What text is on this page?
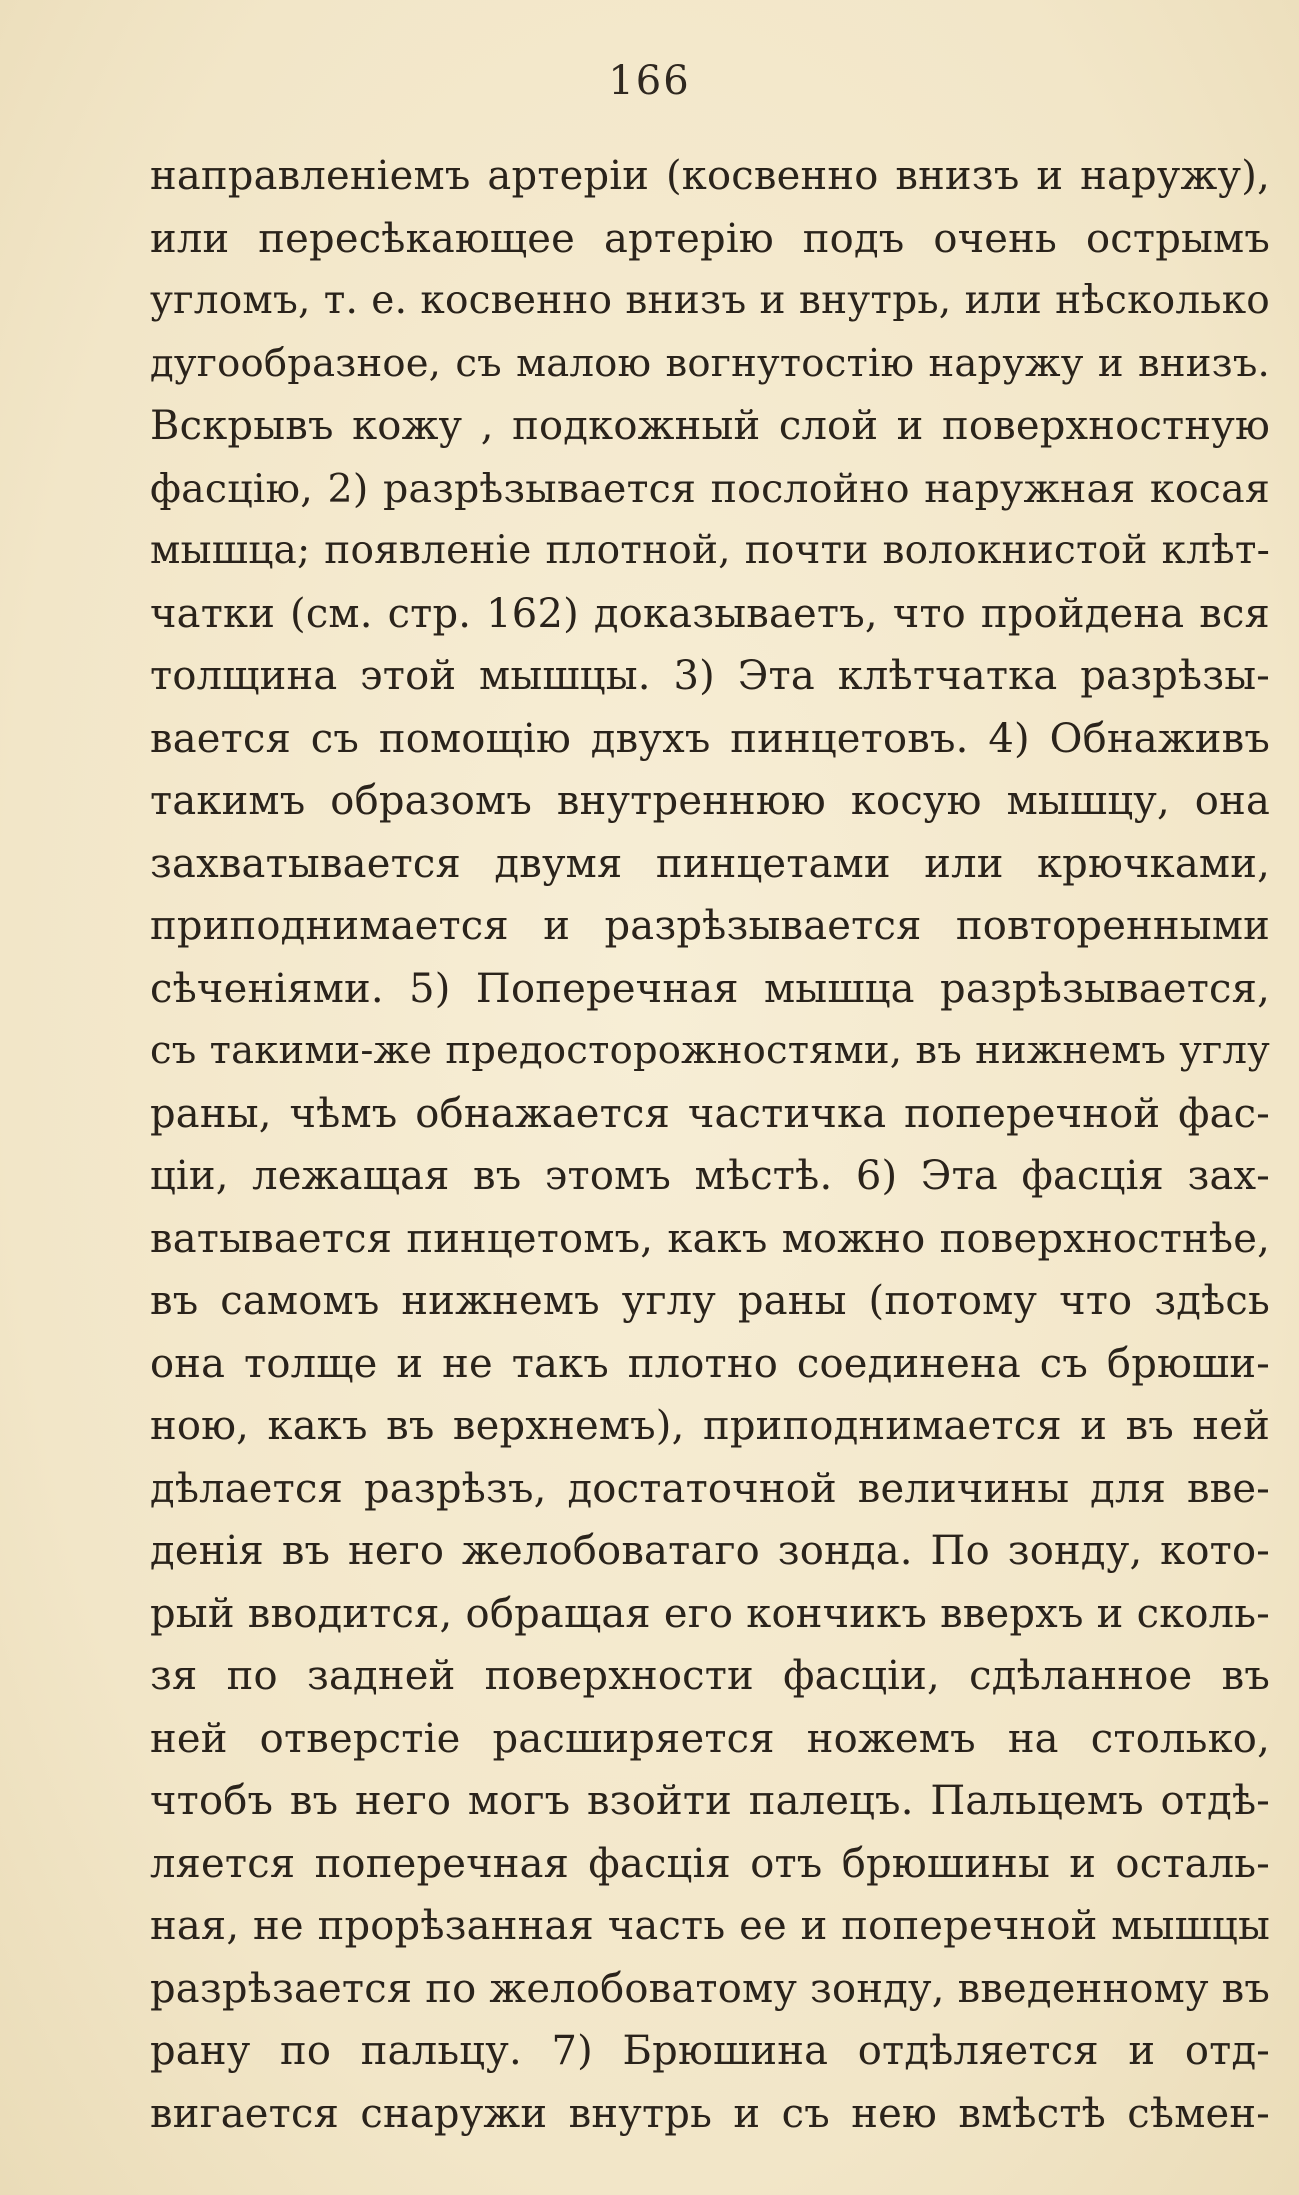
166
направленіемъ артеріи (косвенно внизъ и наружу),
или пересѣкающее артерію подъ очень острымъ
угломъ, т. е. косвенно внизъ и внутрь, или нѣсколько
дугообразное, съ малою вогнутостію наружу и внизъ.
Вскрывъ кожу , подкожный слой и поверхностную
фасцію, 2) разрѣзывается послойно наружная косая
мышца; появленіе плотной, почти волокнистой клѣт-
чатки (см. стр. 162) доказываетъ, что пройдена вся
толщина этой мышцы. 3) Эта клѣтчатка разрѣзы-
вается съ помощію двухъ пинцетовъ. 4) Обнаживъ
такимъ образомъ внутреннюю косую мышцу, она
захватывается двумя пинцетами или крючками,
приподнимается и разрѣзывается повторенными
сѣченіями. 5) Поперечная мышца разрѣзывается,
съ такими-же предосторожностями, въ нижнемъ углу
раны, чѣмъ обнажается частичка поперечной фас-
ціи, лежащая въ этомъ мѣстѣ. 6) Эта фасція зах-
ватывается пинцетомъ, какъ можно поверхностнѣе,
въ самомъ нижнемъ углу раны (потому что здѣсь
она толще и не такъ плотно соединена съ брюши-
ною, какъ въ верхнемъ), приподнимается и въ ней
дѣлается разрѣзъ, достаточной величины для вве-
денія въ него желобоватаго зонда. По зонду, кото-
рый вводится, обращая его кончикъ вверхъ и сколь-
зя по задней поверхности фасціи, сдѣланное въ
ней отверстіе расширяется ножемъ на столько,
чтобъ въ него могъ взойти палецъ. Пальцемъ отдѣ-
ляется поперечная фасція отъ брюшины и осталь-
ная, не прорѣзанная часть ее и поперечной мышцы
разрѣзается по желобоватому зонду, введенному въ
рану по пальцу. 7) Брюшина отдѣляется и отд-
вигается снаружи внутрь и съ нею вмѣстѣ сѣмен-
